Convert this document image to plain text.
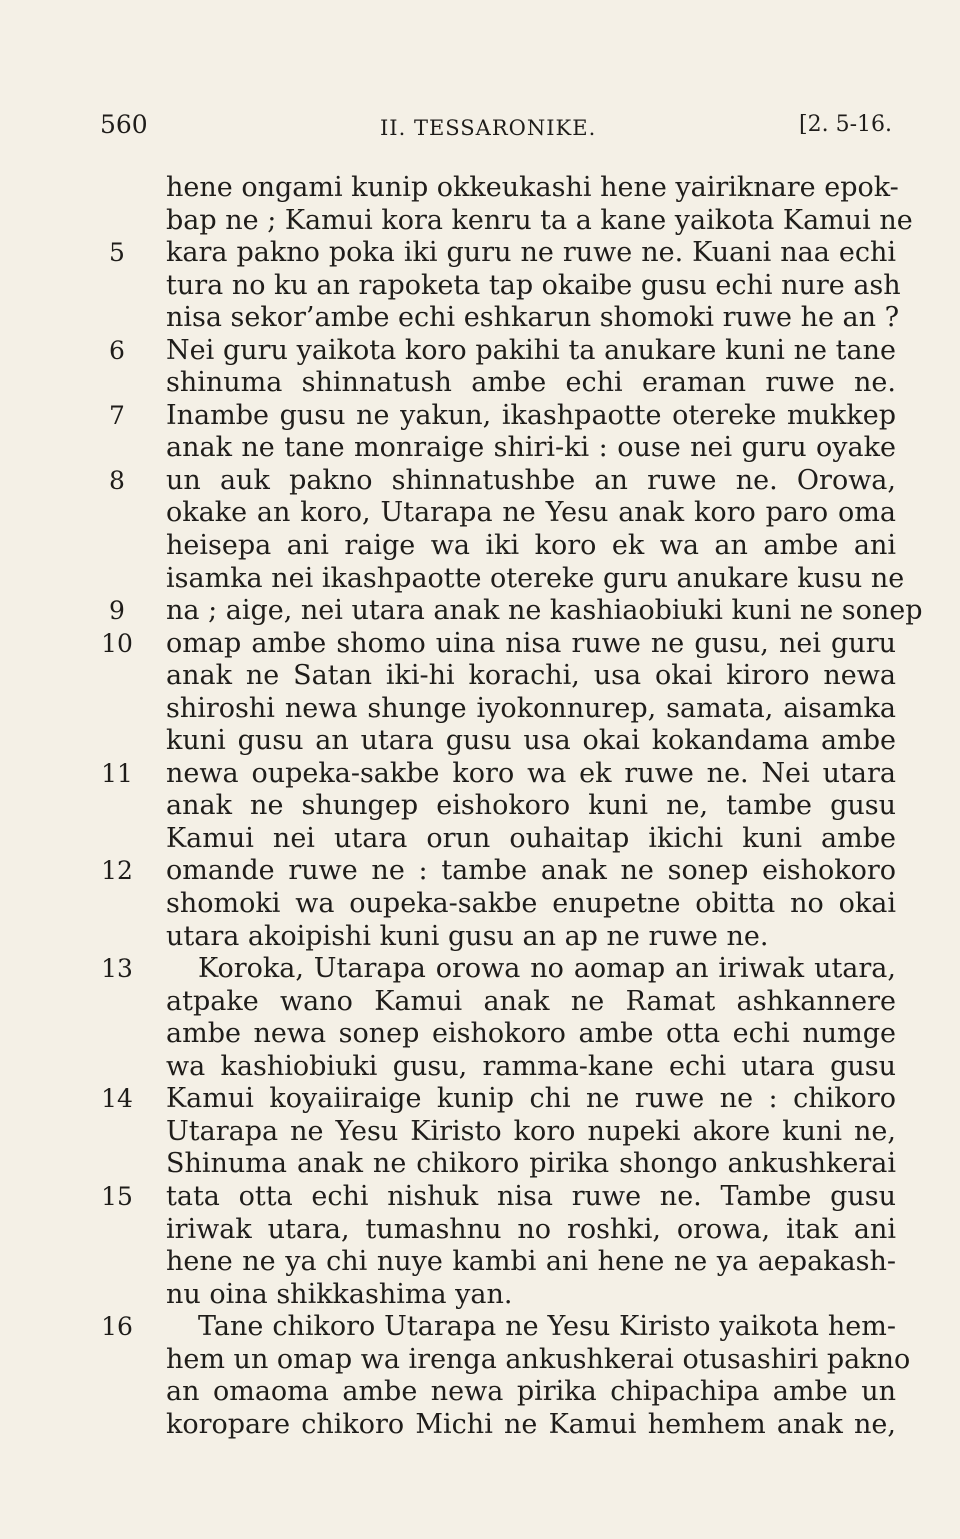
560	II. TESSARONIKE.	[2. 5-16.
hene ongami kunip okkeukashi hene yairiknare epok-
bap ne ; Kamui kora kenru ta a kane yaikota Kamui ne
5	kara pakno poka iki guru ne ruwe ne. Kuani naa echi
tura no ku an rapoketa tap okaibe gusu echi nure ash
nisa sekor’ambe echi eshkarun shomoki ruwe he an ?
6	Nei guru yaikota koro pakihi ta anukare kuni ne tane
shinuma shinnatush ambe echi eraman ruwe ne.
7	Inambe gusu ne yakun, ikashpaotte otereke mukkep
anak ne tane monraige shiri-ki : ouse nei guru oyake
8	un auk pakno shinnatushbe an ruwe ne. Orowa,
okake an koro, Utarapa ne Yesu anak koro paro oma
heisepa ani raige wa iki koro ek wa an ambe ani
isamka nei ikashpaotte otereke guru anukare kusu ne
9	na ; aige, nei utara anak ne kashiaobiuki kuni ne sonep
10 omap ambe shomo uina nisa ruwe ne gusu, nei guru
anak ne Satan iki-hi korachi, usa okai kiroro newa
shiroshi newa shunge iyokonnurep, samata, aisamka
kuni gusu an utara gusu usa okai kokandama ambe
11 newa oupeka-sakbe koro wa ek ruwe ne. Nei utara
anak ne shungep eishokoro kuni ne, tambe gusu
Kamui nei utara orun ouhaitap ikichi kuni ambe
12 omande ruwe ne : tambe anak ne sonep eishokoro
shomoki wa oupeka-sakbe enupetne obitta no okai
utara akoipishi kuni gusu an ap ne ruwe ne.
13 Koroka, Utarapa orowa no aomap an iriwak utara,
atpake wano Kamui anak ne Ramat ashkannere
ambe newa sonep eishokoro ambe otta echi numge
wa kashiobiuki gusu, ramma-kane echi utara gusu
14 Kamui koyaiiraige kunip chi ne ruwe ne : chikoro
Utarapa ne Yesu Kiristo koro nupeki akore kuni ne,
Shinuma anak ne chikoro pirika shongo ankushkerai
15 tata otta echi nishuk nisa ruwe ne. Tambe gusu
iriwak utara, tumashnu no roshki, orowa, itak ani
hene ne ya chi nuye kambi ani hene ne ya aepakash-
nu oina shikkashima yan.
16 Tane chikoro Utarapa ne Yesu Kiristo yaikota hem-
hem un omap wa irenga ankushkerai otusashiri pakno
an omaoma ambe newa pirika chipachipa ambe un
koropare chikoro Michi ne Kamui hemhem anak ne,
